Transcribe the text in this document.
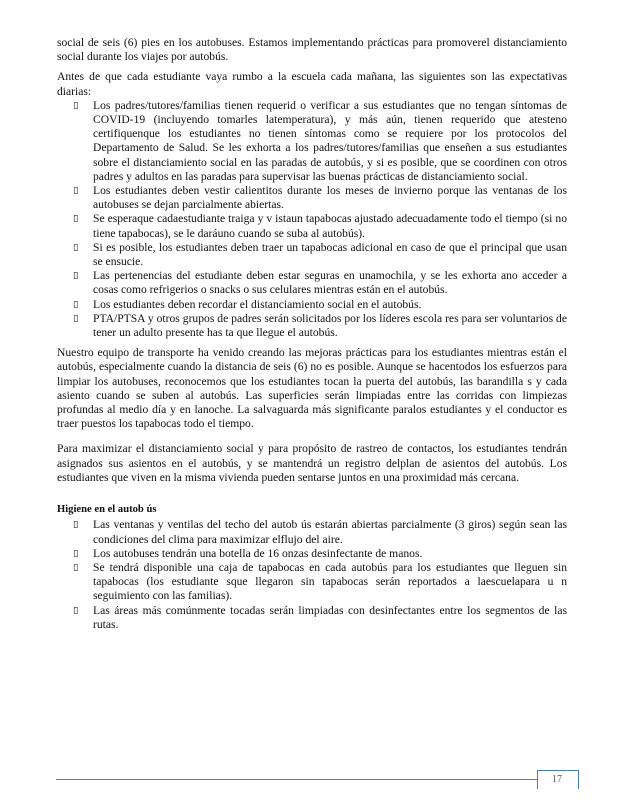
social de seis (6) pies en los autobuses. Estamos implementando prácticas para promoverel distanciamiento social durante los viajes por autobús.

Antes de que cada estudiante vaya rumbo a la escuela cada mañana, las siguientes son las expectativas diarias:

▯ Los padres/tutores/familias tienen requerid o verificar a sus estudiantes que no tengan síntomas de COVID-19 (incluyendo tomarles latemperatura), y más aún, tienen requerido que atesteno certifiquenque los estudiantes no tienen síntomas como se requiere por los protocolos del Departamento de Salud. Se les exhorta a los padres/tutores/familias que enseñen a sus estudiantes sobre el distanciamiento social en las paradas de autobús, y si es posible, que se coordinen con otros padres y adultos en las paradas para supervisar las buenas prácticas de distanciamiento social.
▯ Los estudiantes deben vestir calientitos durante los meses de invierno porque las ventanas de los autobuses se dejan parcialmente abiertas.
▯ Se esperaque cadaestudiante traiga y v istaun tapabocas ajustado adecuadamente todo el tiempo (si no tiene tapabocas), se le daráuno cuando se suba al autobús).
▯ Si es posible, los estudiantes deben traer un tapabocas adicional en caso de que el principal que usan se ensucie.
▯ Las pertenencias del estudiante deben estar seguras en unamochila, y se les exhorta ano acceder a cosas como refrigerios o snacks o sus celulares mientras están en el autobús.
▯ Los estudiantes deben recordar el distanciamiento social en el autobús.
▯ PTA/PTSA y otros grupos de padres serán solicitados por los líderes escola res para ser voluntarios de tener un adulto presente has ta que llegue el autobús.

Nuestro equipo de transporte ha venido creando las mejoras prácticas para los estudiantes mientras están el autobús, especialmente cuando la distancia de seis (6) no es posible. Aunque se hacentodos los esfuerzos para limpiar los autobuses, reconocemos que los estudiantes tocan la puerta del autobús, las barandilla s y cada asiento cuando se suben al autobús. Las superficies serán limpiadas entre las corridas con limpiezas profundas al medio día y en lanoche. La salvaguarda más significante paralos estudiantes y el conductor es traer puestos los tapabocas todo el tiempo.

Para maximizar el distanciamiento social y para propósito de rastreo de contactos, los estudiantes tendrán asignados sus asientos en el autobús, y se mantendrá un registro delplan de asientos del autobús. Los estudiantes que viven en la misma vivienda pueden sentarse juntos en una proximidad más cercana.

Higiene en el autob ús
▯ Las ventanas y ventilas del techo del autob ús estarán abiertas parcialmente (3 giros) según sean las condiciones del clima para maximizar elflujo del aire.
▯ Los autobuses tendrán una botella de 16 onzas desinfectante de manos.
▯ Se tendrá disponible una caja de tapabocas en cada autobús para los estudiantes que lleguen sin tapabocas (los estudiante sque llegaron sin tapabocas serán reportados a laescuelapara u n seguimiento con las familias).
▯ Las áreas más comúnmente tocadas serán limpiadas con desinfectantes entre los segmentos de las rutas.
17
